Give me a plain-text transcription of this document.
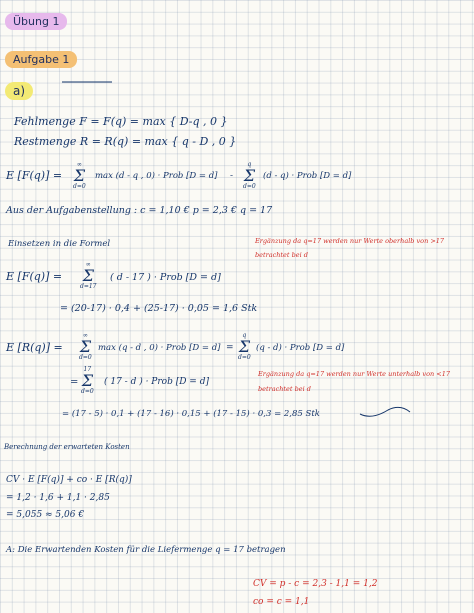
Übung 1
Aufgabe 1
a)
Fehlmenge F = F(q) = max { D-q , 0 }
Restmenge R = R(q) = max { q - D , 0 }
E [F(q)] =
∞
Σ
d=0
max (d - q , 0) · Prob [D = d] -
q
Σ
d=0
(d - q) · Prob [D = d]
Aus der Aufgabenstellung : c = 1,10 € p = 2,3 € q = 17
Einsetzen in die Formel	Ergänzung da q=17 werden nur Werte oberhalb von >17
betrachtet bei d
E [F(q)] =
∞
Σ
d=17
( d - 17 ) · Prob [D = d]
= (20-17) · 0,4 + (25-17) · 0,05 = 1,6 Stk
E [R(q)] =
∞
Σ
d=0
max (q - d , 0) · Prob [D = d] =
q
Σ
d=0
(q - d) · Prob [D = d]
=
17
Σ
d=0
( 17 - d ) · Prob [D = d]
Ergänzung da q=17 werden nur Werte unterhalb von <17
betrachtet bei d
= (17 - 5) · 0,1 + (17 - 16) · 0,15 + (17 - 15) · 0,3 = 2,85 Stk
Berechnung der erwarteten Kosten
CV · E [F(q)] + co · E [R(q)]
= 1,2 · 1,6 + 1,1 · 2,85
= 5,055 ≈ 5,06 €
A: Die Erwartenden Kosten für die Liefermenge q = 17 betragen
CV = p - c = 2,3 - 1,1 = 1,2
co = c = 1,1
